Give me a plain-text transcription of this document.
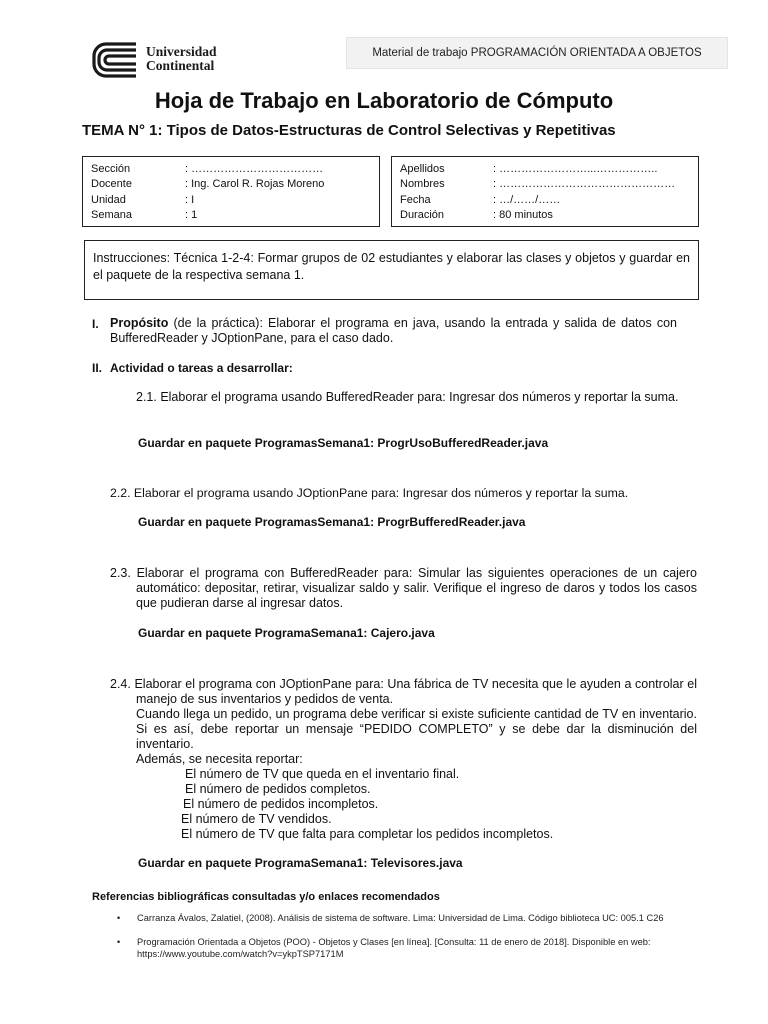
Universidad
Continental
Material de trabajo PROGRAMACIÓN ORIENTADA A OBJETOS
Hoja de Trabajo en Laboratorio de Cómputo
TEMA N° 1: Tipos de Datos-Estructuras de Control Selectivas y Repetitivas
Sección	: ………………………………
Docente	: Ing. Carol R. Rojas Moreno
Unidad	: I
Semana	: 1
Apellidos	: ……………………...……………..
Nombres	: …………………………………………
Fecha	: …/……/……
Duración	: 80 minutos
Instrucciones: Técnica 1-2-4: Formar grupos de 02 estudiantes y elaborar las clases y objetos y guardar en el paquete de la respectiva semana 1.
I. Propósito (de la práctica): Elaborar el programa en java, usando la entrada y salida de datos con BufferedReader y JOptionPane, para el caso dado.
II. Actividad o tareas a desarrollar:
2.1. Elaborar el programa usando BufferedReader para: Ingresar dos números y reportar la suma.
Guardar en paquete ProgramasSemana1: ProgrUsoBufferedReader.java
2.2. Elaborar el programa usando JOptionPane para: Ingresar dos números y reportar la suma.
Guardar en paquete ProgramasSemana1: ProgrBufferedReader.java
2.3. Elaborar el programa con BufferedReader para: Simular las siguientes operaciones de un cajero automático: depositar, retirar, visualizar saldo y salir. Verifique el ingreso de daros y todos los casos que pudieran darse al ingresar datos.
Guardar en paquete ProgramaSemana1: Cajero.java
2.4. Elaborar el programa con JOptionPane para: Una fábrica de TV necesita que le ayuden a controlar el manejo de sus inventarios y pedidos de venta.
Cuando llega un pedido, un programa debe verificar si existe suficiente cantidad de TV en inventario. Si es así, debe reportar un mensaje “PEDIDO COMPLETO” y se debe dar la disminución del inventario.
Además, se necesita reportar:
El número de TV que queda en el inventario final.
El número de pedidos completos.
El número de pedidos incompletos.
El número de TV vendidos.
El número de TV que falta para completar los pedidos incompletos.
Guardar en paquete ProgramaSemana1: Televisores.java
Referencias bibliográficas consultadas y/o enlaces recomendados
• Carranza Ávalos, Zalatiel, (2008). Análisis de sistema de software. Lima: Universidad de Lima. Código biblioteca UC: 005.1 C26
• Programación Orientada a Objetos (POO) - Objetos y Clases [en línea]. [Consulta: 11 de enero de 2018]. Disponible en web: https://www.youtube.com/watch?v=ykpTSP7171M
